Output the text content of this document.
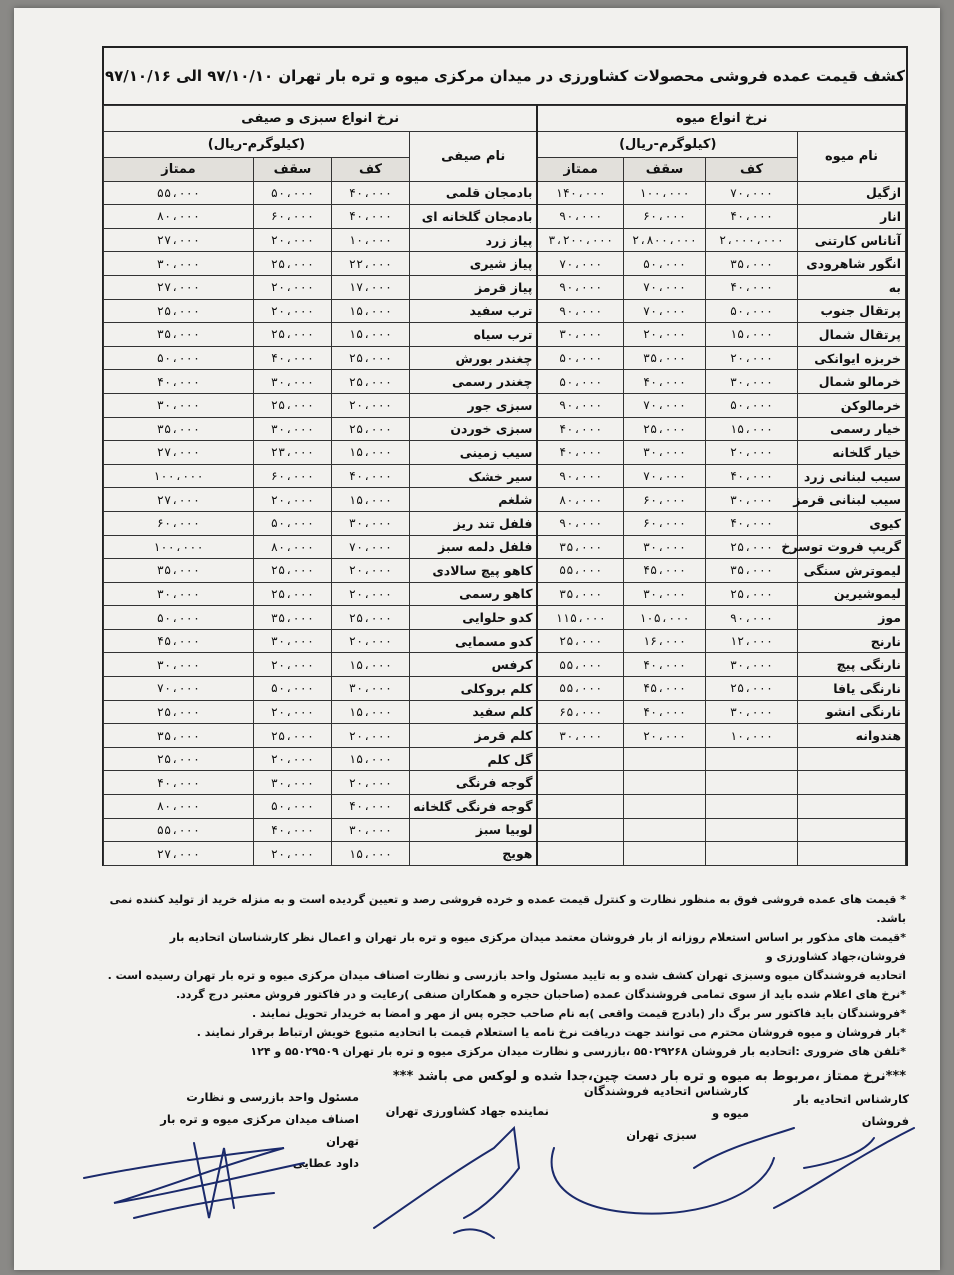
کشف قیمت عمده فروشی محصولات کشاورزی در میدان مرکزی میوه و تره بار تهران ۹۷/۱۰/۱۰ الی ۹۷/۱۰/۱۶
نرخ انواع میوه				نرخ انواع سبزی و صیفی			
نام میوه	(کیلوگرم-ریال)			نام صیفی	(کیلوگرم-ریال)		
	کف	سقف	ممتاز		کف	سقف	ممتاز
ازگیل	۷۰،۰۰۰	۱۰۰،۰۰۰	۱۴۰،۰۰۰	بادمجان قلمی	۴۰،۰۰۰	۵۰،۰۰۰	۵۵،۰۰۰
انار	۴۰،۰۰۰	۶۰،۰۰۰	۹۰،۰۰۰	بادمجان گلخانه ای	۴۰،۰۰۰	۶۰،۰۰۰	۸۰،۰۰۰
آناناس کارتنی	۲،۰۰۰،۰۰۰	۲،۸۰۰،۰۰۰	۳،۲۰۰،۰۰۰	پیاز زرد	۱۰،۰۰۰	۲۰،۰۰۰	۲۷،۰۰۰
انگور شاهرودی	۳۵،۰۰۰	۵۰،۰۰۰	۷۰،۰۰۰	پیاز شیری	۲۲،۰۰۰	۲۵،۰۰۰	۳۰،۰۰۰
به	۴۰،۰۰۰	۷۰،۰۰۰	۹۰،۰۰۰	پیاز قرمز	۱۷،۰۰۰	۲۰،۰۰۰	۲۷،۰۰۰
پرتقال جنوب	۵۰،۰۰۰	۷۰،۰۰۰	۹۰،۰۰۰	ترب سفید	۱۵،۰۰۰	۲۰،۰۰۰	۲۵،۰۰۰
پرتقال شمال	۱۵،۰۰۰	۲۰،۰۰۰	۳۰،۰۰۰	ترب سیاه	۱۵،۰۰۰	۲۵،۰۰۰	۳۵،۰۰۰
خربزه ایوانکی	۲۰،۰۰۰	۳۵،۰۰۰	۵۰،۰۰۰	چغندر بورش	۲۵،۰۰۰	۴۰،۰۰۰	۵۰،۰۰۰
خرمالو شمال	۳۰،۰۰۰	۴۰،۰۰۰	۵۰،۰۰۰	چغندر رسمی	۲۵،۰۰۰	۳۰،۰۰۰	۴۰،۰۰۰
خرمالوکن	۵۰،۰۰۰	۷۰،۰۰۰	۹۰،۰۰۰	سبزی جور	۲۰،۰۰۰	۲۵،۰۰۰	۳۰،۰۰۰
خیار رسمی	۱۵،۰۰۰	۲۵،۰۰۰	۴۰،۰۰۰	سبزی خوردن	۲۵،۰۰۰	۳۰،۰۰۰	۳۵،۰۰۰
خیار گلخانه	۲۰،۰۰۰	۳۰،۰۰۰	۴۰،۰۰۰	سیب زمینی	۱۵،۰۰۰	۲۳،۰۰۰	۲۷،۰۰۰
سیب لبنانی زرد	۴۰،۰۰۰	۷۰،۰۰۰	۹۰،۰۰۰	سیر خشک	۴۰،۰۰۰	۶۰،۰۰۰	۱۰۰،۰۰۰
سیب لبنانی قرمز	۳۰،۰۰۰	۶۰،۰۰۰	۸۰،۰۰۰	شلغم	۱۵،۰۰۰	۲۰،۰۰۰	۲۷،۰۰۰
کیوی	۴۰،۰۰۰	۶۰،۰۰۰	۹۰،۰۰۰	فلفل تند ریز	۳۰،۰۰۰	۵۰،۰۰۰	۶۰،۰۰۰
گریپ فروت توسرخ	۲۵،۰۰۰	۳۰،۰۰۰	۳۵،۰۰۰	فلفل دلمه سبز	۷۰،۰۰۰	۸۰،۰۰۰	۱۰۰،۰۰۰
لیموترش سنگی	۳۵،۰۰۰	۴۵،۰۰۰	۵۵،۰۰۰	کاهو پیچ سالادی	۲۰،۰۰۰	۲۵،۰۰۰	۳۵،۰۰۰
لیموشیرین	۲۵،۰۰۰	۳۰،۰۰۰	۳۵،۰۰۰	کاهو رسمی	۲۰،۰۰۰	۲۵،۰۰۰	۳۰،۰۰۰
موز	۹۰،۰۰۰	۱۰۵،۰۰۰	۱۱۵،۰۰۰	کدو حلوایی	۲۵،۰۰۰	۳۵،۰۰۰	۵۰،۰۰۰
نارنج	۱۲،۰۰۰	۱۶،۰۰۰	۲۵،۰۰۰	کدو مسمایی	۲۰،۰۰۰	۳۰،۰۰۰	۴۵،۰۰۰
نارنگی پیچ	۳۰،۰۰۰	۴۰،۰۰۰	۵۵،۰۰۰	کرفس	۱۵،۰۰۰	۲۰،۰۰۰	۳۰،۰۰۰
نارنگی یافا	۲۵،۰۰۰	۴۵،۰۰۰	۵۵،۰۰۰	کلم بروکلی	۳۰،۰۰۰	۵۰،۰۰۰	۷۰،۰۰۰
نارنگی انشو	۳۰،۰۰۰	۴۰،۰۰۰	۶۵،۰۰۰	کلم سفید	۱۵،۰۰۰	۲۰،۰۰۰	۲۵،۰۰۰
هندوانه	۱۰،۰۰۰	۲۰،۰۰۰	۳۰،۰۰۰	کلم قرمز	۲۰،۰۰۰	۲۵،۰۰۰	۳۵،۰۰۰
				گل کلم	۱۵،۰۰۰	۲۰،۰۰۰	۲۵،۰۰۰
				گوجه فرنگی	۲۰،۰۰۰	۳۰،۰۰۰	۴۰،۰۰۰
				گوجه فرنگی گلخانه	۴۰،۰۰۰	۵۰،۰۰۰	۸۰،۰۰۰
				لوبیا سبز	۳۰،۰۰۰	۴۰،۰۰۰	۵۵،۰۰۰
				هویج	۱۵،۰۰۰	۲۰،۰۰۰	۲۷،۰۰۰

* قیمت های عمده فروشی فوق به منظور نظارت و کنترل قیمت عمده و خرده فروشی رصد و تعیین گردیده است و به منزله خرید از تولید کننده نمی باشد.

*قیمت های مذکور بر اساس استعلام روزانه از بار فروشان معتمد میدان مرکزی میوه و تره بار تهران و اعمال نظر کارشناسان اتحادیه بار فروشان،جهاد کشاورزی و

اتحادیه فروشندگان میوه وسبزی تهران کشف شده و به تایید مسئول واحد بازرسی و نظارت اصناف میدان مرکزی میوه و تره بار تهران رسیده است .

*نرخ های اعلام شده باید از سوی تمامی فروشندگان عمده (صاحبان حجره و همکاران صنفی )رعایت و در فاکتور فروش معتبر درج گردد.

*فروشندگان باید فاکتور سر برگ دار (بادرج قیمت واقعی )به نام صاحب حجره پس از مهر و امضا به خریدار تحویل نمایند .

*بار فروشان و میوه فروشان محترم می توانند جهت دریافت نرخ نامه یا استعلام قیمت با اتحادیه متبوع خویش ارتباط برقرار نمایند .

*تلفن های ضروری :اتحادیه بار فروشان ۵۵۰۲۹۲۶۸ ،بازرسی و نظارت میدان مرکزی میوه و تره بار تهران ۵۵۰۲۹۵۰۹ و ۱۲۴

***نرخ ممتاز ،مربوط به میوه و تره بار دست چین،جدا شده و لوکس می باشد ***

مسئول واحد بازرسی و نظارت
اصناف میدان مرکزی میوه و تره بار تهران
داود عطایی
نماینده جهاد کشاورزی تهران
کارشناس اتحادیه فروشندگان میوه و
سبزی تهران
کارشناس اتحادیه بار فروشان
